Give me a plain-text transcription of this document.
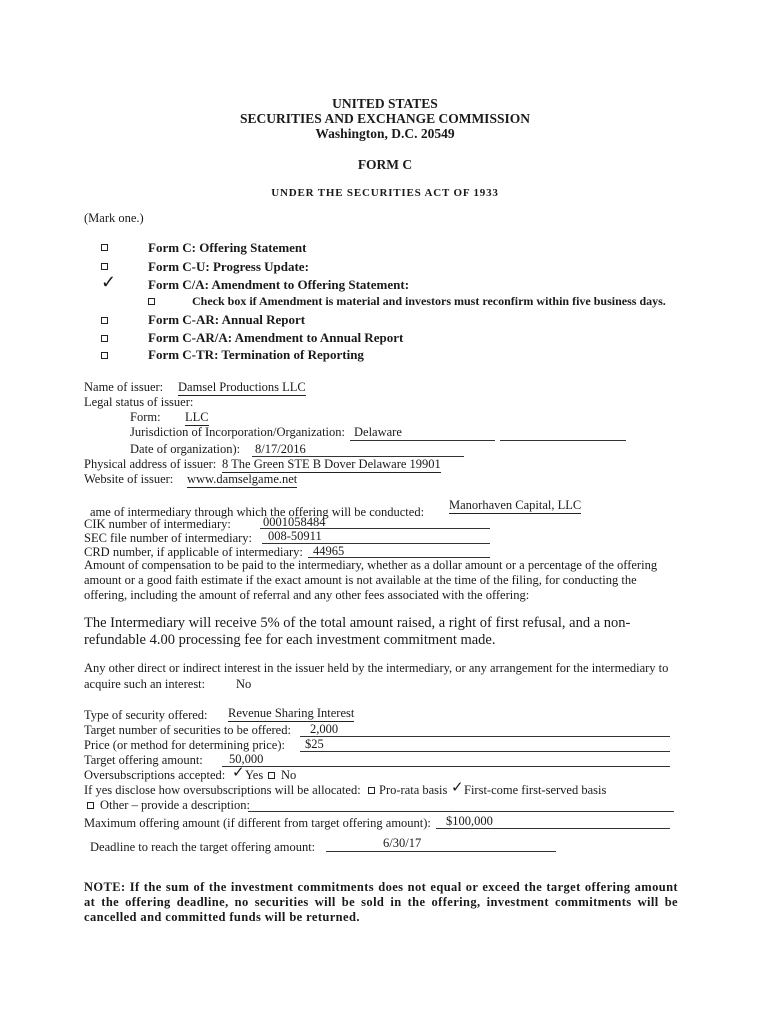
UNITED STATES
SECURITIES AND EXCHANGE COMMISSION
Washington, D.C. 20549
FORM C
UNDER THE SECURITIES ACT OF 1933
(Mark one.)
Form C: Offering Statement
Form C-U: Progress Update:
✓ Form C/A: Amendment to Offering Statement:
Check box if Amendment is material and investors must reconfirm within five business days.
Form C-AR: Annual Report
Form C-AR/A: Amendment to Annual Report
Form C-TR: Termination of Reporting
Name of issuer: Damsel Productions LLC
Legal status of issuer:
Form: LLC
Jurisdiction of Incorporation/Organization: Delaware
Date of organization): 8/17/2016
Physical address of issuer: 8 The Green STE B Dover Delaware 19901
Website of issuer: www.damselgame.net
ame of intermediary through which the offering will be conducted: Manorhaven Capital, LLC
CIK number of intermediary:	0001058484
SEC file number of intermediary: 008-50911
CRD number, if applicable of intermediary: 44965
Amount of compensation to be paid to the intermediary, whether as a dollar amount or a percentage of the offering amount or a good faith estimate if the exact amount is not available at the time of the filing, for conducting the offering, including the amount of referral and any other fees associated with the offering:
The Intermediary will receive 5% of the total amount raised, a right of first refusal, and a non-refundable 4.00 processing fee for each investment commitment made.
Any other direct or indirect interest in the issuer held by the intermediary, or any arrangement for the intermediary to acquire such an interest:	No
Type of security offered: Revenue Sharing Interest
Target number of securities to be offered: 2,000
Price (or method for determining price): $25
Target offering amount: 50,000
Oversubscriptions accepted: ✓ Yes No
If yes disclose how oversubscriptions will be allocated: Pro-rata basis ✓ First-come first-served basis
Other – provide a description:
Maximum offering amount (if different from target offering amount): $100,000
Deadline to reach the target offering amount:	6/30/17
NOTE: If the sum of the investment commitments does not equal or exceed the target offering amount at the offering deadline, no securities will be sold in the offering, investment commitments will be cancelled and committed funds will be returned.
